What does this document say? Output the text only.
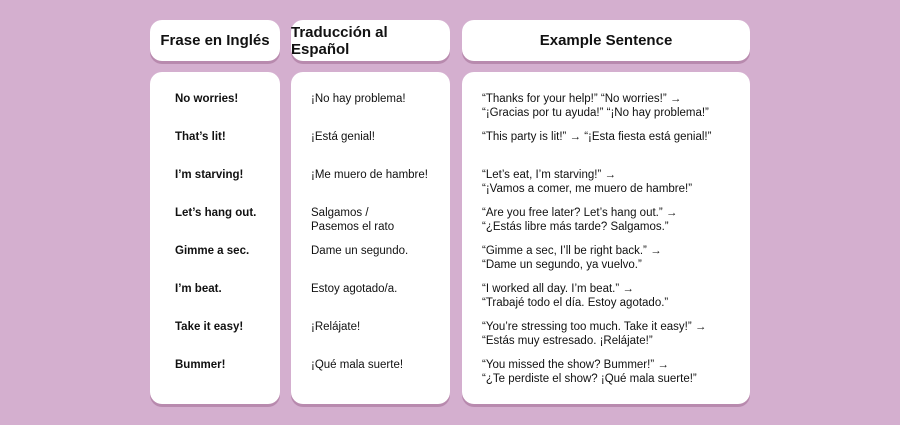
Frase en Inglés Traducción al Español	Example Sentence
No worries!
That’s lit!
I’m starving!
Let’s hang out.
Gimme a sec.
I’m beat.
Take it easy!
Bummer!
¡No hay problema!
¡Está genial!
¡Me muero de hambre!
Salgamos /
Pasemos el rato
Dame un segundo.
Estoy agotado/a.
¡Relájate!
¡Qué mala suerte!
“Thanks for your help!” “No worries!” →
“¡Gracias por tu ayuda!” “¡No hay problema!”
“This party is lit!” → “¡Esta fiesta está genial!”
“Let’s eat, I’m starving!” →
“¡Vamos a comer, me muero de hambre!”
“Are you free later? Let’s hang out.” →
“¿Estás libre más tarde? Salgamos.”
“Gimme a sec, I’ll be right back.” →
“Dame un segundo, ya vuelvo.”
“I worked all day. I’m beat.” →
“Trabajé todo el día. Estoy agotado.”
“You’re stressing too much. Take it easy!” →
“Estás muy estresado. ¡Relájate!”
“You missed the show? Bummer!” →
“¿Te perdiste el show? ¡Qué mala suerte!”
